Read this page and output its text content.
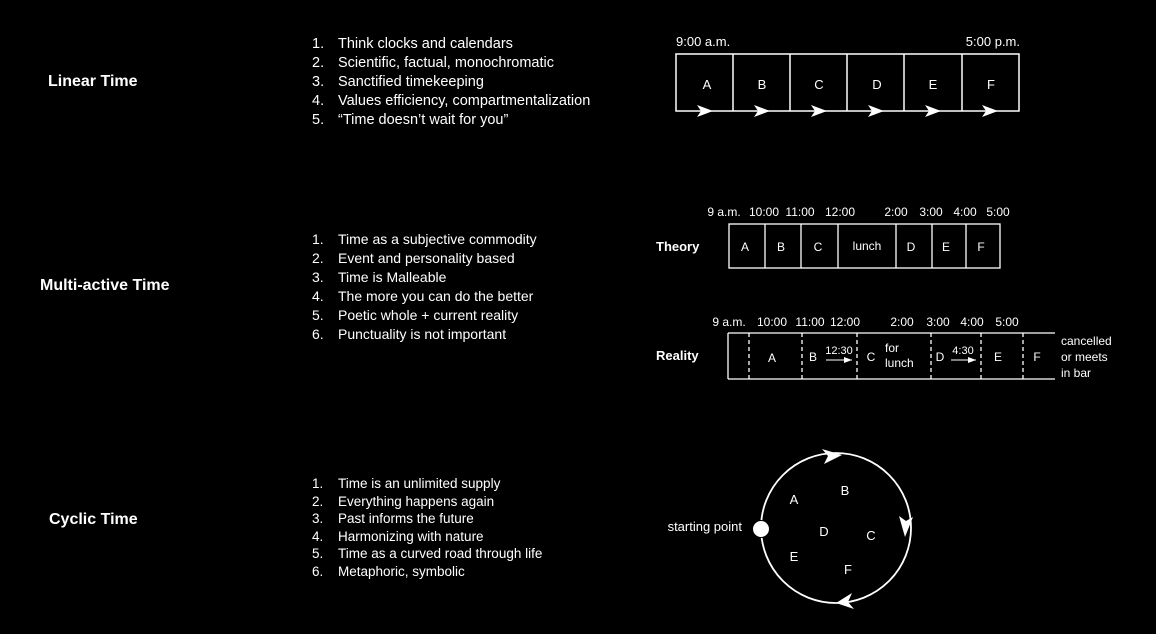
Linear Time
Multi-active Time
Cyclic Time
1. Think clocks and calendars
2. Scientific, factual, monochromatic
3. Sanctified timekeeping
4. Values efficiency, compartmentalization
5. “Time doesn’t wait for you”
1. Time as a subjective commodity
2. Event and personality based
3. Time is Malleable
4. The more you can do the better
5. Poetic whole + current reality
6. Punctuality is not important
1. Time is an unlimited supply
2. Everything happens again
3. Past informs the future
4. Harmonizing with nature
5. Time as a curved road through life
6. Metaphoric, symbolic
9:00 a.m.	5:00 p.m.
A	B	C	D	E	F
Theory
9 a.m. 10:00 11:00 12:00 2:00 3:00 4:00 5:00
A B C	lunch D E F
Reality
9 a.m. 10:00 11:00 12:00	2:00 3:00 4:00 5:00
A	B 12:30 C
for
lunch D 4:30 E	F
cancelled
or meets
in bar
starting point
A
B
C
D
E
F
